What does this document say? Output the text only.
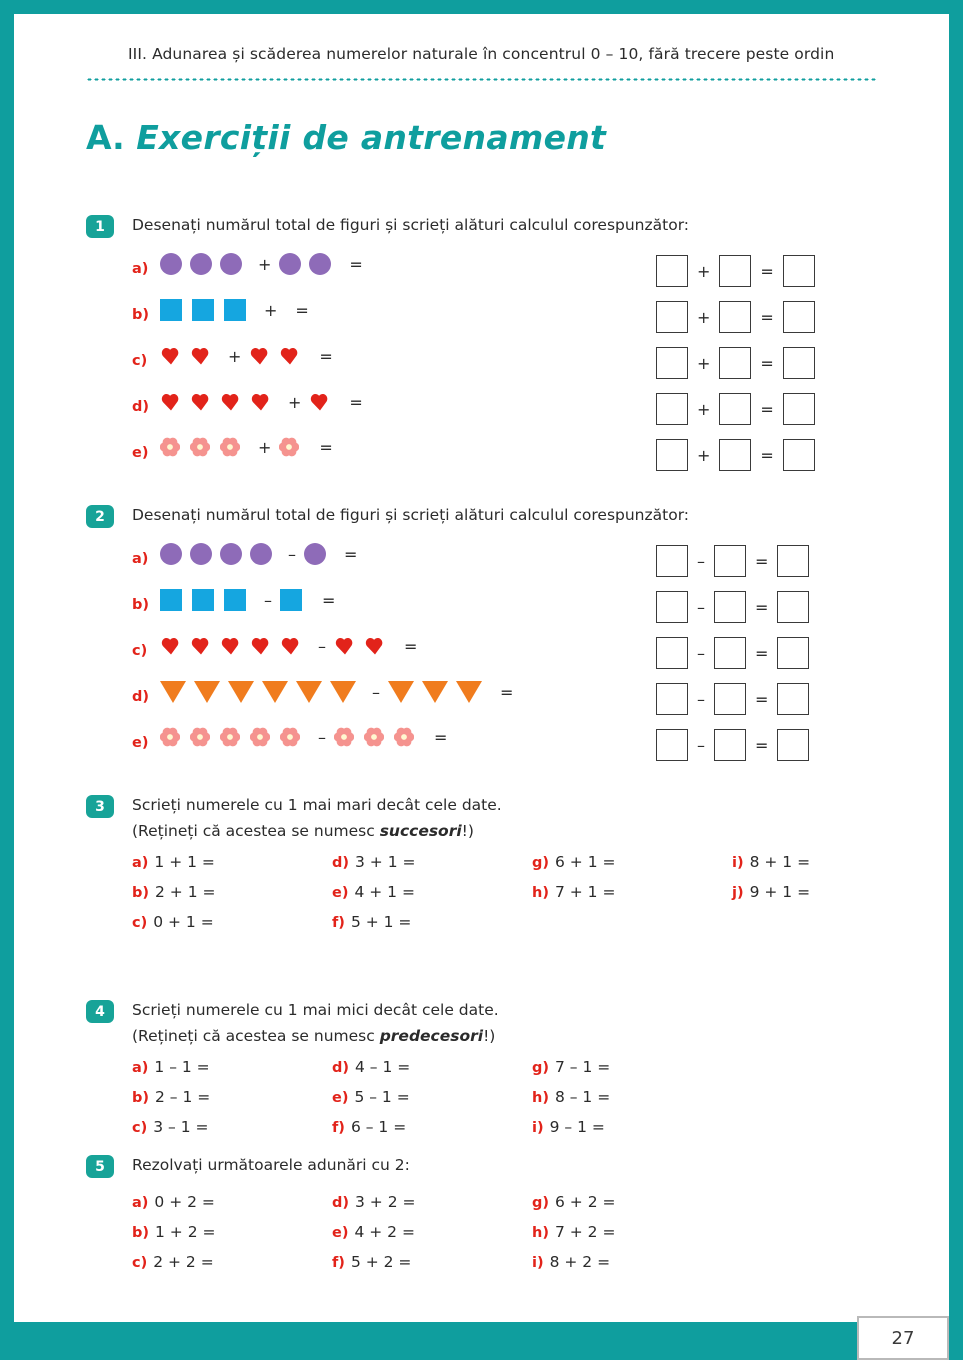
27
III. Adunarea și scăderea numerelor naturale în concentrul 0 – 10, fără trecere peste ordin
A. Exerciții de antrenament
1	Desenați numărul total de figuri și scrieți alături calculul corespunzător:
a)	+	=	+	=
b)	+ =	+	=
c)	+	=	+	=
d)	+	=	+	=
e)	+	=	+	=
2	Desenați numărul total de figuri și scrieți alături calculul corespunzător:
a)	–	=	–	=
b)	–	=	–	=
c)	–	=	–	=
d)	–	=	–	=
e)	–	=	–	=
3	Scrieți numerele cu 1 mai mari decât cele date.
(Rețineți că acestea se numesc succesori!)
a) 1 + 1 =
b) 2 + 1 =
c) 0 + 1 =
d) 3 + 1 =
e) 4 + 1 =
f) 5 + 1 =
g) 6 + 1 =
h) 7 + 1 =
i) 8 + 1 =
j) 9 + 1 =
4	Scrieți numerele cu 1 mai mici decât cele date.
(Rețineți că acestea se numesc predecesori!)
a) 1 – 1 =
b) 2 – 1 =
c) 3 – 1 =
d) 4 – 1 =
e) 5 – 1 =
f) 6 – 1 =
g) 7 – 1 =
h) 8 – 1 =
i) 9 – 1 =
5	Rezolvați următoarele adunări cu 2:
a) 0 + 2 =
b) 1 + 2 =
c) 2 + 2 =
d) 3 + 2 =
e) 4 + 2 =
f) 5 + 2 =
g) 6 + 2 =
h) 7 + 2 =
i) 8 + 2 =
